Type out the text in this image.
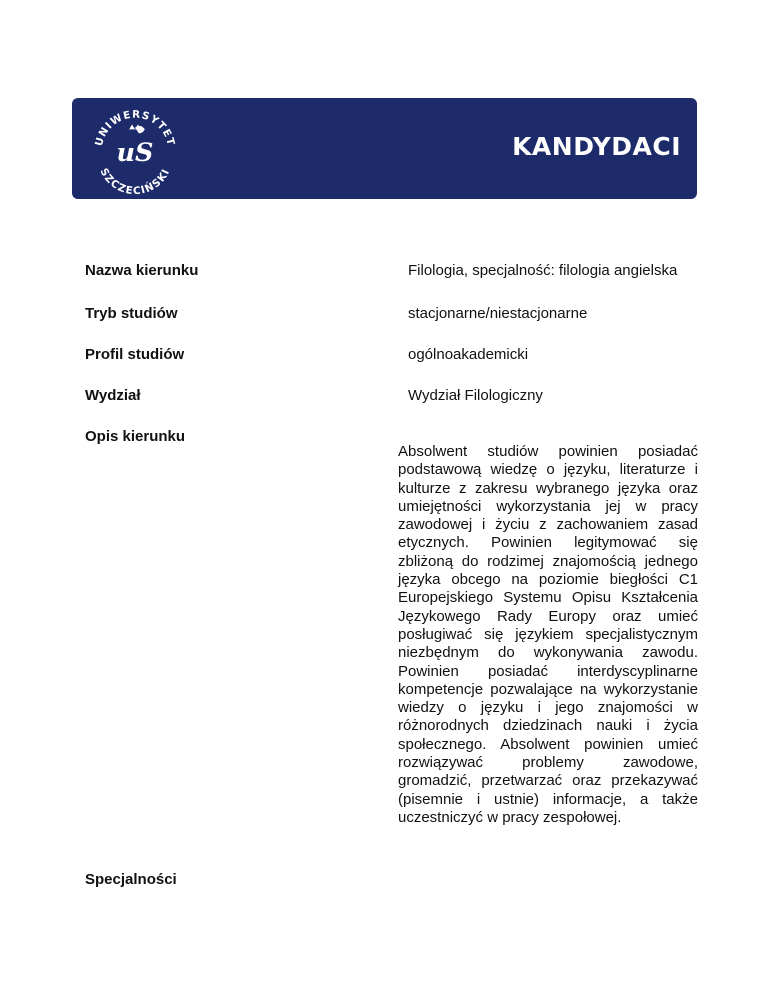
UNIWERSYTET
SZCZECIŃSKI
uS	KANDYDACI
Nazwa kierunku	Filologia, specjalność: filologia angielska
Tryb studiów	stacjonarne/niestacjonarne
Profil studiów	ogólnoakademicki
Wydział	Wydział Filologiczny
Opis kierunku
Absolwent studiów powinien posiadać podstawową wiedzę o języku, literaturze i kulturze z zakresu wybranego języka oraz umiejętności wykorzystania jej w pracy zawodowej i życiu z zachowaniem zasad etycznych. Powinien legitymować się zbliżoną do rodzimej znajomością jednego języka obcego na poziomie biegłości C1 Europejskiego Systemu Opisu Kształcenia Językowego Rady Europy oraz umieć posługiwać się językiem specjalistycznym niezbędnym do wykonywania zawodu. Powinien posiadać interdyscyplinarne kompetencje pozwalające na wykorzystanie wiedzy o języku i jego znajomości w różnorodnych dziedzinach nauki i życia społecznego. Absolwent powinien umieć rozwiązywać problemy zawodowe, gromadzić, przetwarzać oraz przekazywać (pisemnie i ustnie) informacje, a także uczestniczyć w pracy zespołowej.
Specjalności
